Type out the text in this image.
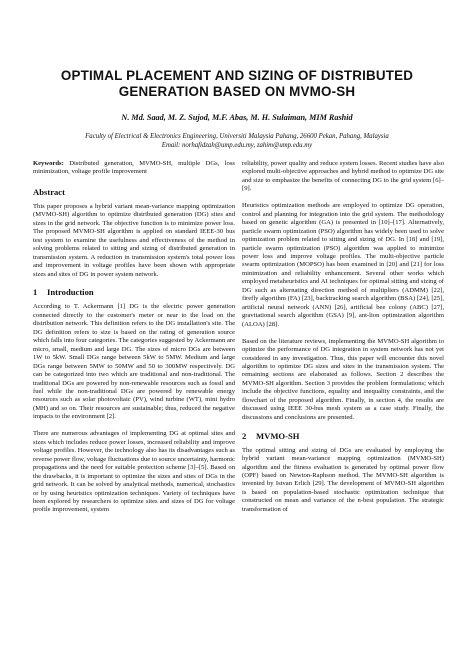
OPTIMAL PLACEMENT AND SIZING OF DISTRIBUTED
GENERATION BASED ON MVMO-SH
N. Md. Saad, M. Z. Sujod, M.F. Abas, M. H. Sulaiman, MIM Rashid
Faculty of Electrical & Electronics Engineering, Universiti Malaysia Pahang, 26600 Pekan, Pahang, Malaysia
Email: norhafidzah@ump.edu.my, zahim@ump.edu.my

Keywords: Distributed generation, MVMO-SH, multiple DGs, loss minimization, voltage profile improvement

Abstract

This paper proposes a hybrid variant mean-variance mapping optimization (MVMO-SH) algorithm to optimize distributed generation (DG) sites and sizes in the grid network. The objective function is to minimize power loss. The proposed MVMO-SH algorithm is applied on standard IEEE-30 bus test system to examine the usefulness and effectiveness of the method in solving problems related to sitting and sizing of distributed generation in transmission system. A reduction in transmission system's total power loss and improvement in voltage profiles have been shown with appropriate sizes and sites of DG in power system network.

1 Introduction

According to T. Ackermann [1] DG is the electric power generation connected directly to the customer's meter or near to the load on the distribution network. This definition refers to the DG installation's site. The DG definition refers to size is based on the rating of generation source which falls into four categories. The categories suggested by Ackermann are micro, small, medium and large DG. The sizes of micro DGs are between 1W to 5kW. Small DGs range between 5kW to 5MW. Medium and large DGs range between 5MW to 50MW and 50 to 300MW respectively. DG can be categorized into two which are traditional and non-traditional. The traditional DGs are powered by non-renewable resources such as fossil and fuel while the non-traditional DGs are powered by renewable energy resources such as solar photovoltaic (PV), wind turbine (WT), mini hydro (MH) and so on. Their resources are sustainable; thus, reduced the negative impacts to the environment [2].

There are numerous advantages of implementing DG at optimal sites and sizes which includes reduce power losses, increased reliability and improve voltage profiles. However, the technology also has its disadvantages such as reverse power flow, voltage fluctuations due to source uncertainty, harmonic propagations and the need for suitable protection scheme [3]–[5]. Based on the drawbacks, it is important to optimize the sizes and sites of DGs in the grid network. It can be solved by analytical methods, numerical, stochastics or by using heuristics optimization techniques. Variety of techniques have been explored by researchers to optimize sites and sizes of DG for voltage profile improvement, system

reliability, power quality and reduce system losses. Recent studies have also explored multi-objective approaches and hybrid method to optimize DG site and size to emphasize the benefits of connecting DG to the grid system [6]–[9].

Heuristics optimization methods are employed to optimize DG operation, control and planning for integration into the grid system. The methodology based on genetic algorithm (GA) is presented in [10]–[17]. Alternatively, particle swarm optimization (PSO) algorithm has widely been used to solve optimization problem related to sitting and sizing of DG. In [18] and [19], particle swarm optimization (PSO) algorithm was applied to minimize power loss and improve voltage profiles. The multi-objective particle swarm optimization (MOPSO) has been examined in [20] and [21] for loss minimization and reliability enhancement. Several other works which employed metaheuristics and AI techniques for optimal sitting and sizing of DG such as alternating direction method of multipliers (ADMM) [22], firefly algorithm (FA) [23], backtracking search algorithm (BSA) [24], [25], artificial neural network (ANN) [26], artificial bee colony (ABC) [27], gravitational search algorithm (GSA) [9], ant-lion optimization algorithm (ALOA) [28].

Based on the literature reviews, implementing the MVMO-SH algorithm to optimize the performance of DG integration in system network has not yet considered in any investigation. Thus, this paper will encounter this novel algorithm to optimize DG sizes and sites in the transmission system. The remaining sections are elaborated as follows. Section 2 describes the MVMO-SH algorithm. Section 3 provides the problem formulations; which include the objective functions, equality and inequality constraints, and the flowchart of the proposed algorithm. Finally, in section 4, the results are discussed using IEEE 30-bus mesh system as a case study. Finally, the discussions and conclusions are presented.

2 MVMO-SH

The optimal sitting and sizing of DGs are evaluated by employing the hybrid variant mean-variance mapping optimization (MVMO-SH) algorithm and the fitness evaluation is generated by optimal power flow (OPF) based on Newton-Raphson method. The MVMO-SH algorithm is invented by Istvan Erlich [29]. The development of MVMO-SH algorithm is based on population-based stochastic optimization technique that constructed on mean and variance of the n-best population. The strategic transformation of
